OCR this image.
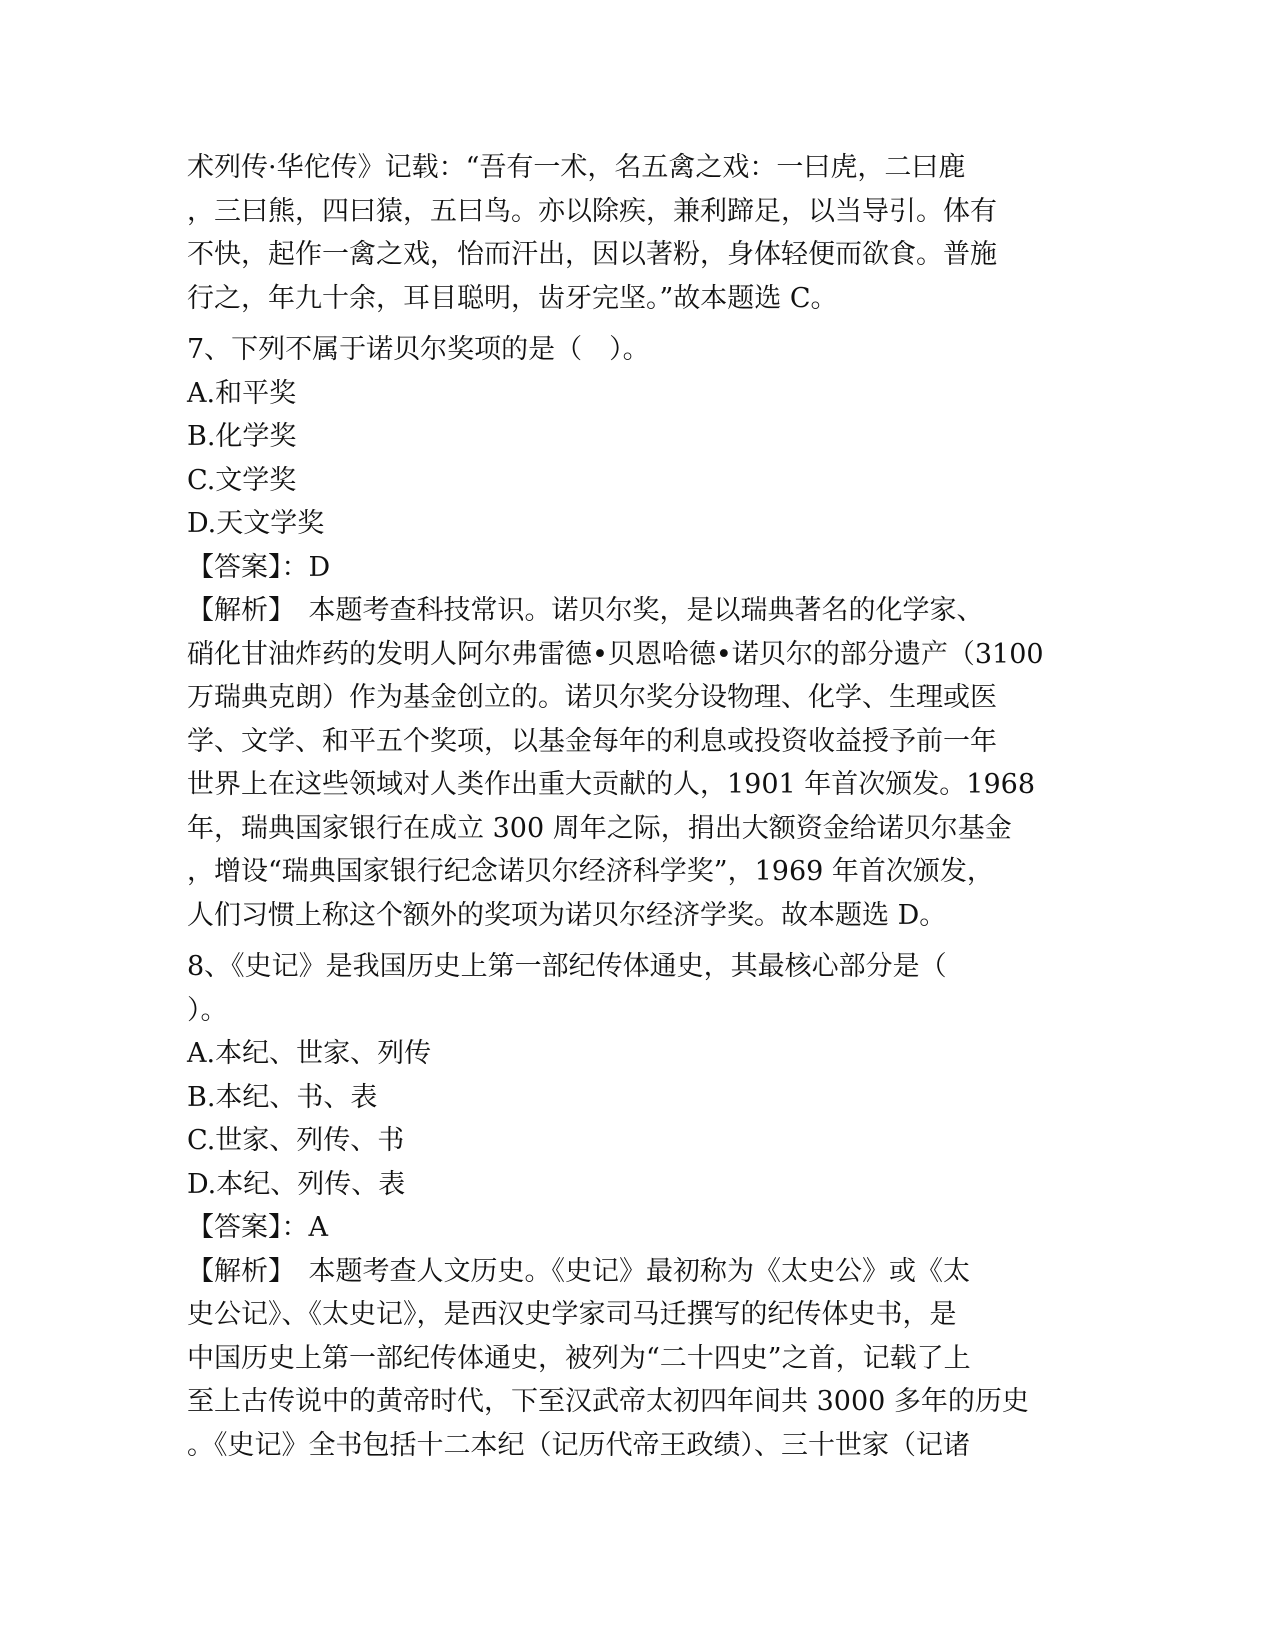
术列传·华佗传》记载：“吾有一术，名五禽之戏：一曰虎，二曰鹿
，三曰熊，四曰猿，五曰鸟。亦以除疾，兼利蹄足，以当导引。体有
不快，起作一禽之戏，怡而汗出，因以著粉，身体轻便而欲食。普施
行之，年九十余，耳目聪明，齿牙完坚。”故本题选 C。
7、下列不属于诺贝尔奖项的是（　）。
A.和平奖
B.化学奖
C.文学奖
D.天文学奖
【答案】：D
【解析】　本题考查科技常识。诺贝尔奖，是以瑞典著名的化学家、
硝化甘油炸药的发明人阿尔弗雷德•贝恩哈德•诺贝尔的部分遗产（3100
万瑞典克朗）作为基金创立的。诺贝尔奖分设物理、化学、生理或医
学、文学、和平五个奖项，以基金每年的利息或投资收益授予前一年
世界上在这些领域对人类作出重大贡献的人，1901 年首次颁发。1968
年，瑞典国家银行在成立 300 周年之际，捐出大额资金给诺贝尔基金
，增设“瑞典国家银行纪念诺贝尔经济科学奖”，1969 年首次颁发，
人们习惯上称这个额外的奖项为诺贝尔经济学奖。故本题选 D。
8、《史记》是我国历史上第一部纪传体通史，其最核心部分是（
）。
A.本纪、世家、列传
B.本纪、书、表
C.世家、列传、书
D.本纪、列传、表
【答案】：A
【解析】　本题考查人文历史。《史记》最初称为《太史公》或《太
史公记》、《太史记》，是西汉史学家司马迁撰写的纪传体史书，是
中国历史上第一部纪传体通史，被列为“二十四史”之首，记载了上
至上古传说中的黄帝时代，下至汉武帝太初四年间共 3000 多年的历史
。《史记》全书包括十二本纪（记历代帝王政绩）、三十世家（记诸
